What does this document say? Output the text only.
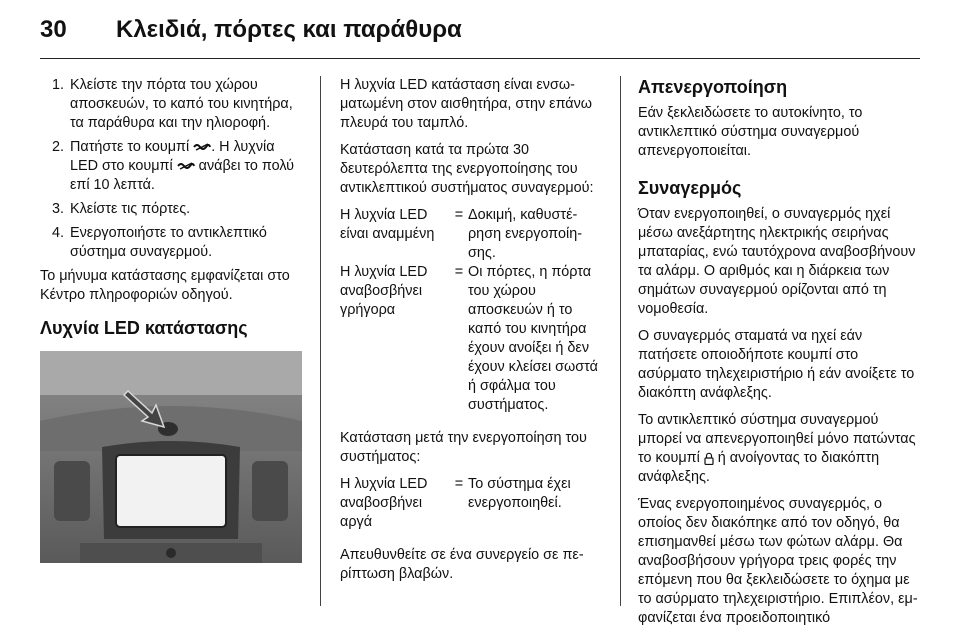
30 Κλειδιά, πόρτες και παράθυρα
1. Κλείστε την πόρτα του χώρου αποσκευών, το καπό του κινητήρα, τα παράθυρα και την ηλιοροφή.
2. Πατήστε το κουμπί . Η λυχνία LED στο κουμπί ανάβει το πολύ επί 10 λεπτά.
3. Κλείστε τις πόρτες.
4. Ενεργοποιήστε το αντικλεπτικό σύστημα συναγερμού.

Το μήνυμα κατάστασης εμφανίζεται στο Κέντρο πληροφοριών οδηγού.

Λυχνία LED κατάστασης

Η λυχνία LED κατάσταση είναι ενσωματωμένη στον αισθητήρα, στην επάνω πλευρά του ταμπλό.

Κατάσταση κατά τα πρώτα 30 δευτερόλεπτα της ενεργοποίησης του αντικλεπτικού συστήματος συναγερμού:

Η λυχνία LED είναι αναμμένη
= Δοκιμή, καθυστέρηση ενεργοποίησης.
Η λυχνία LED αναβοσβήνει γρήγορα
= Οι πόρτες, η πόρτα του χώρου αποσκευών ή το καπό του κινητήρα έχουν ανοίξει ή δεν έχουν κλείσει σωστά ή σφάλμα του συστήματος.

Κατάσταση μετά την ενεργοποίηση του συστήματος:

Η λυχνία LED αναβοσβήνει αργά
= Το σύστημα έχει ενεργοποιηθεί.

Απευθυνθείτε σε ένα συνεργείο σε περίπτωση βλαβών.

Απενεργοποίηση

Εάν ξεκλειδώσετε το αυτοκίνητο, το αντικλεπτικό σύστημα συναγερμού απενεργοποιείται.

Συναγερμός

Όταν ενεργοποιηθεί, ο συναγερμός ηχεί μέσω ανεξάρτητης ηλεκτρικής σειρήνας μπαταρίας, ενώ ταυτόχρονα αναβοσβήνουν τα αλάρμ. Ο αριθμός και η διάρκεια των σημάτων συναγερμού ορίζονται από τη νομοθεσία.

Ο συναγερμός σταματά να ηχεί εάν πατήσετε οποιοδήποτε κουμπί στο ασύρματο τηλεχειριστήριο ή εάν ανοίξετε το διακόπτη ανάφλεξης.

Το αντικλεπτικό σύστημα συναγερμού μπορεί να απενεργοποιηθεί μόνο πατώντας το κουμπί ή ανοίγοντας το διακόπτη ανάφλεξης.

Ένας ενεργοποιημένος συναγερμός, ο οποίος δεν διακόπηκε από τον οδηγό, θα επισημανθεί μέσω των φώτων αλάρμ. Θα αναβοσβήσουν γρήγορα τρεις φορές την επόμενη που θα ξεκλειδώσετε το όχημα με το ασύρματο τηλεχειριστήριο. Επιπλέον, εμφανίζεται ένα προειδοποιητικό
